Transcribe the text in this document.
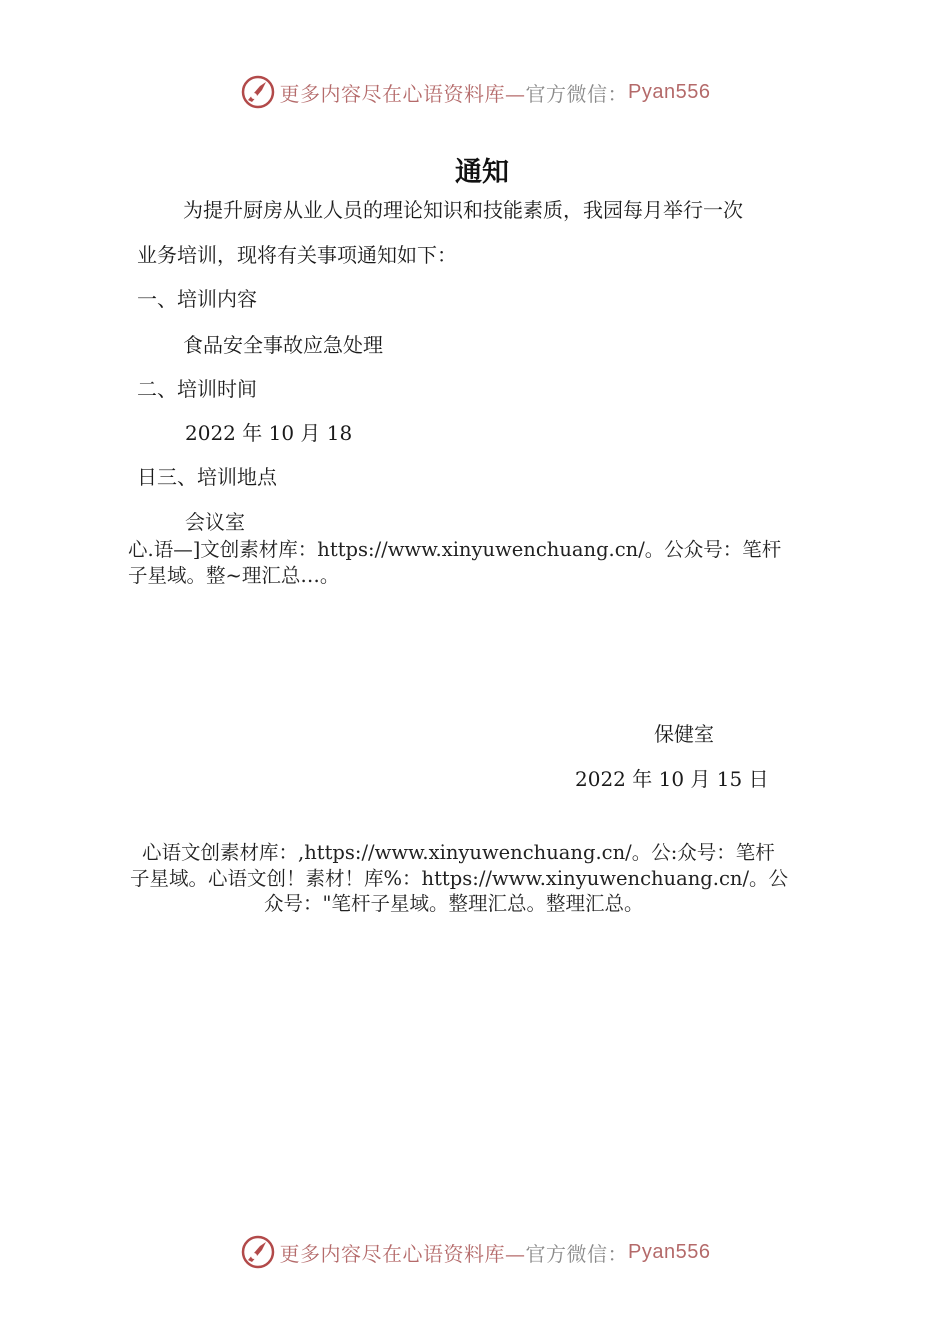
更多内容尽在心语资料库— 官方微信： Pyan556
通知
为提升厨房从业人员的理论知识和技能素质，我园每月举行一次
业务培训，现将有关事项通知如下：
一、培训内容
食品安全事故应急处理
二、培训时间
2022 年 10 月 18
日三、培训地点
会议室
心.语—]文创素材库：https://www.xinyuwenchuang.cn/。公众号：笔杆
子星域。整~理汇总…。
保健室
2022 年 10 月 15 日
心语文创素材库：,https://www.xinyuwenchuang.cn/。公:众号：笔杆
子星域。心语文创！素材！库%：https://www.xinyuwenchuang.cn/。公
众号："笔杆子星域。整理汇总。整理汇总。
更多内容尽在心语资料库— 官方微信： Pyan556
